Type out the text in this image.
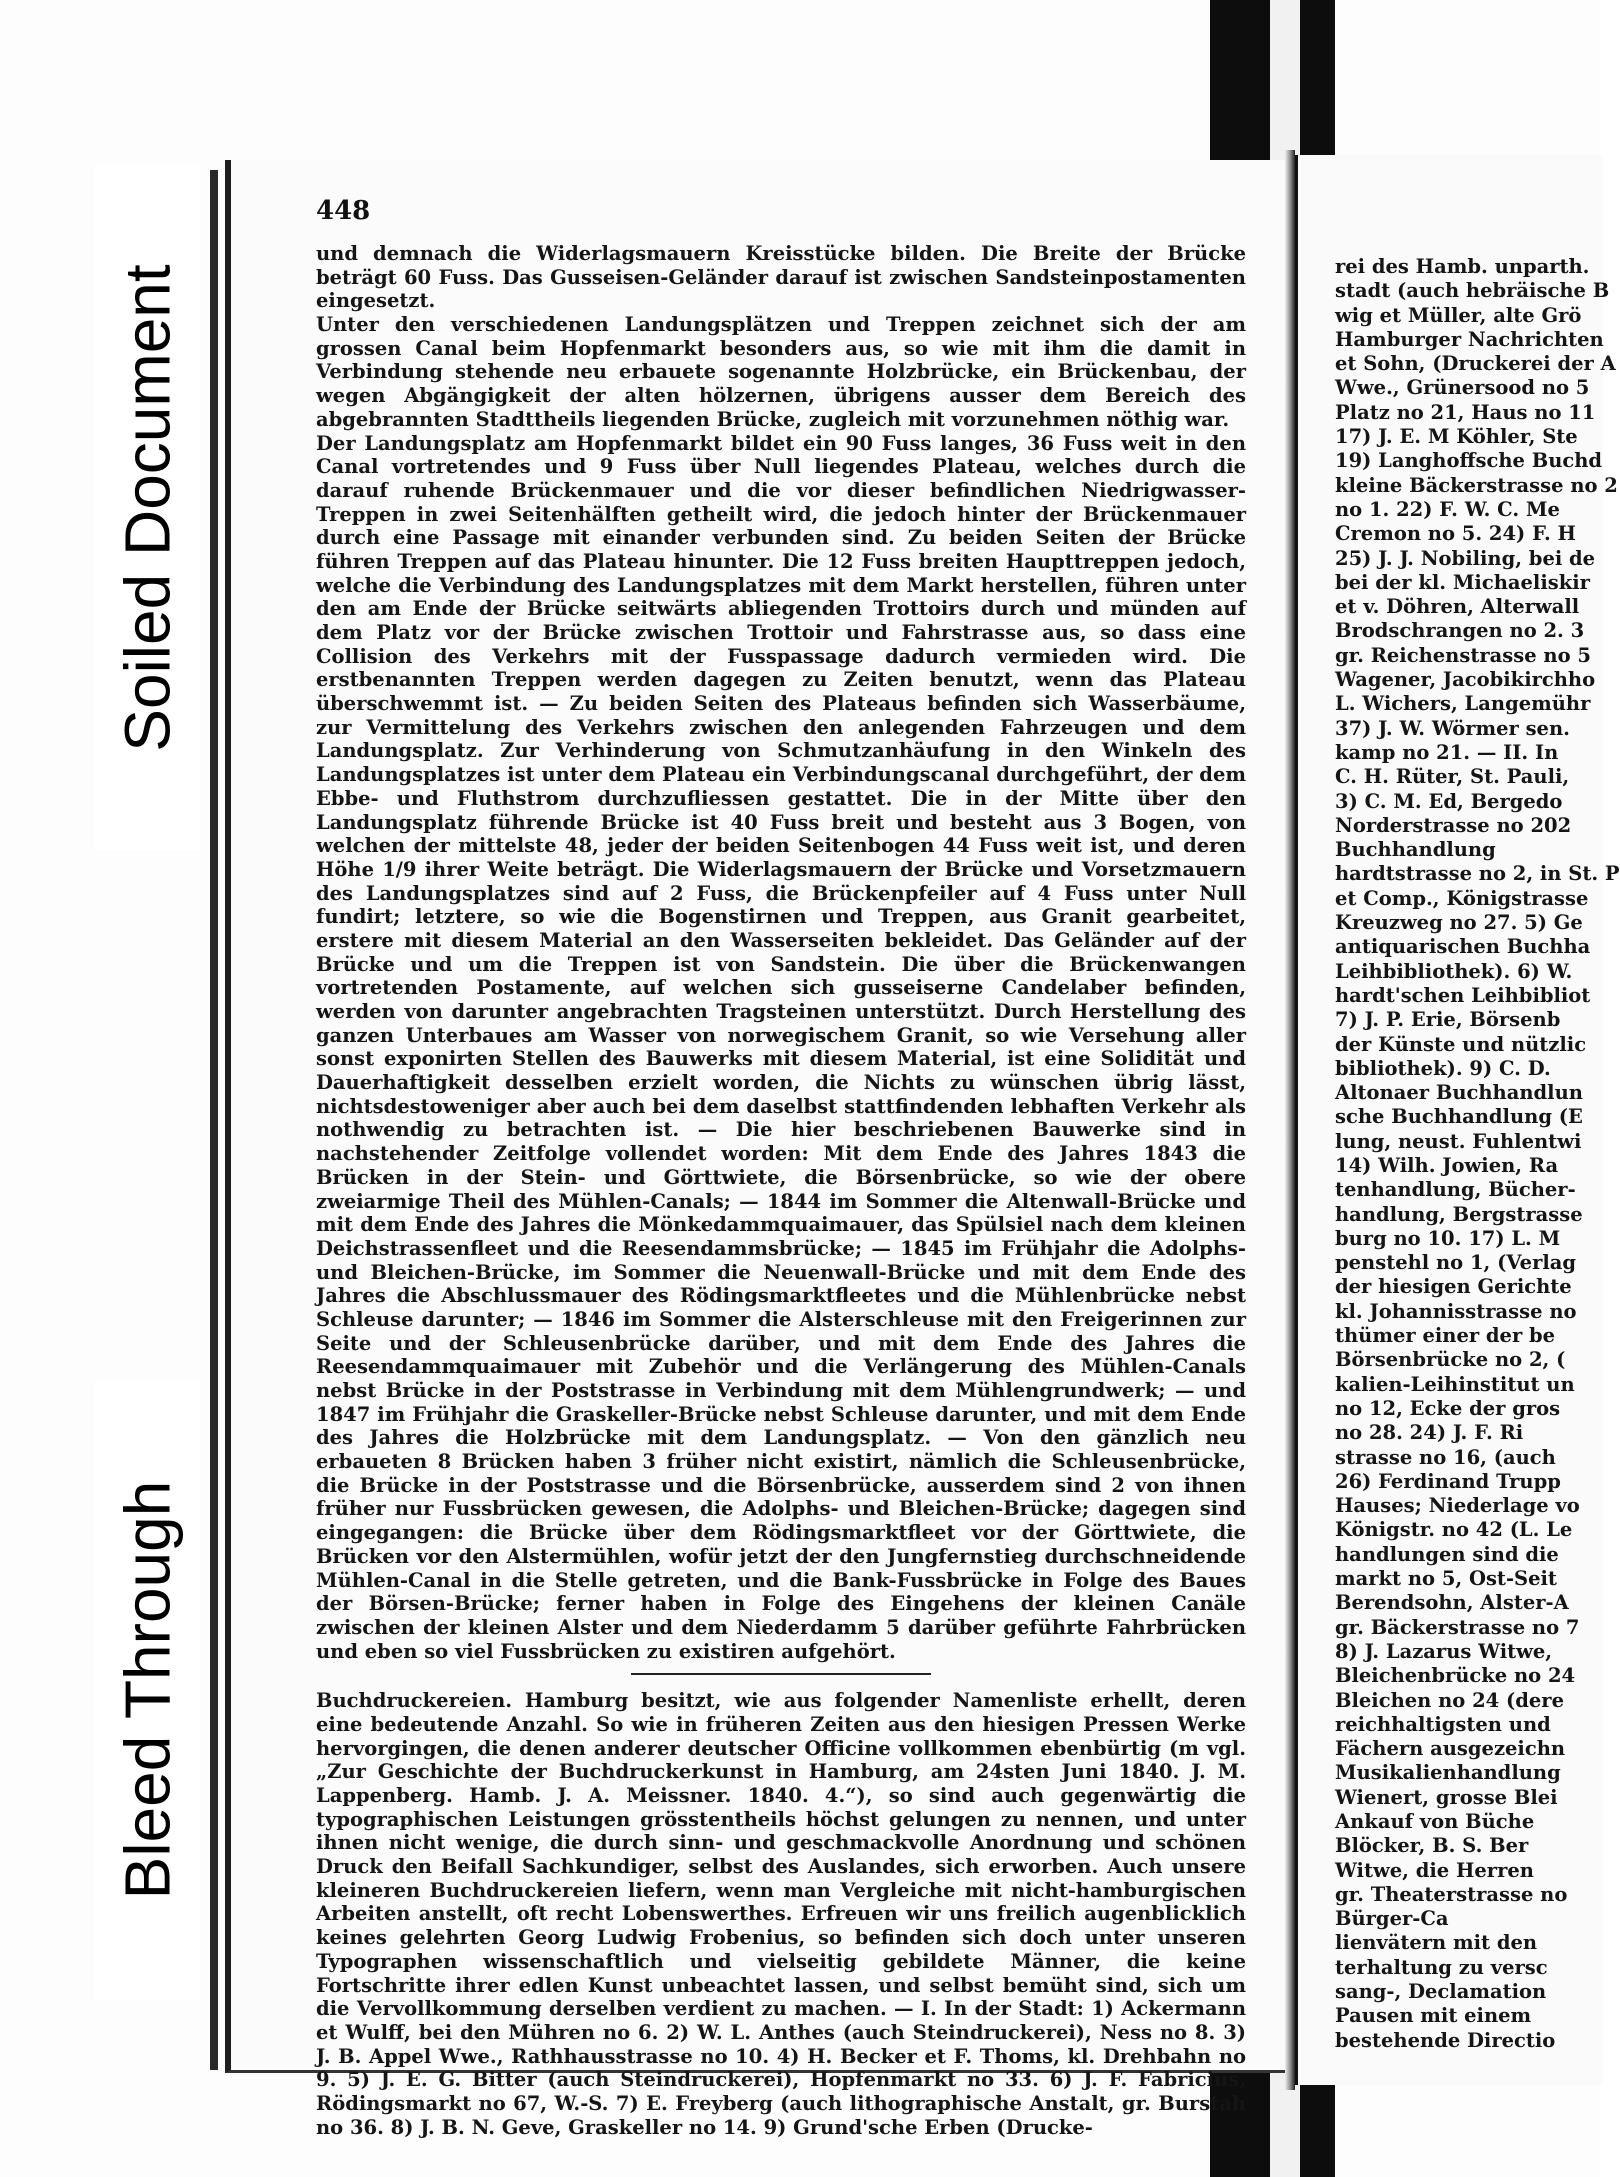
Soiled Document
Bleed Through
448

und demnach die Widerlagsmauern Kreisstücke bilden. Die Breite der Brücke beträgt 60 Fuss. Das Gusseisen-Geländer darauf ist zwischen Sandsteinpostamenten eingesetzt.

Unter den verschiedenen Landungsplätzen und Treppen zeichnet sich der am grossen Canal beim Hopfenmarkt besonders aus, so wie mit ihm die damit in Verbindung stehende neu erbauete sogenannte Holzbrücke, ein Brückenbau, der wegen Abgängigkeit der alten hölzernen, übrigens ausser dem Bereich des abgebrannten Stadttheils liegenden Brücke, zugleich mit vorzunehmen nöthig war.

Der Landungsplatz am Hopfenmarkt bildet ein 90 Fuss langes, 36 Fuss weit in den Canal vortretendes und 9 Fuss über Null liegendes Plateau, welches durch die darauf ruhende Brückenmauer und die vor dieser befindlichen Niedrigwasser-Treppen in zwei Seitenhälften getheilt wird, die jedoch hinter der Brückenmauer durch eine Passage mit einander verbunden sind. Zu beiden Seiten der Brücke führen Treppen auf das Plateau hinunter. Die 12 Fuss breiten Haupttreppen jedoch, welche die Verbindung des Landungsplatzes mit dem Markt herstellen, führen unter den am Ende der Brücke seitwärts abliegenden Trottoirs durch und münden auf dem Platz vor der Brücke zwischen Trottoir und Fahrstrasse aus, so dass eine Collision des Verkehrs mit der Fusspassage dadurch vermieden wird. Die erstbenannten Treppen werden dagegen zu Zeiten benutzt, wenn das Plateau überschwemmt ist. — Zu beiden Seiten des Plateaus befinden sich Wasserbäume, zur Vermittelung des Verkehrs zwischen den anlegenden Fahrzeugen und dem Landungsplatz. Zur Verhinderung von Schmutzanhäufung in den Winkeln des Landungsplatzes ist unter dem Plateau ein Verbindungscanal durchgeführt, der dem Ebbe- und Fluthstrom durchzufliessen gestattet. Die in der Mitte über den Landungsplatz führende Brücke ist 40 Fuss breit und besteht aus 3 Bogen, von welchen der mittelste 48, jeder der beiden Seitenbogen 44 Fuss weit ist, und deren Höhe 1/9 ihrer Weite beträgt. Die Widerlagsmauern der Brücke und Vorsetzmauern des Landungsplatzes sind auf 2 Fuss, die Brückenpfeiler auf 4 Fuss unter Null fundirt; letztere, so wie die Bogenstirnen und Treppen, aus Granit gearbeitet, erstere mit diesem Material an den Wasserseiten bekleidet. Das Geländer auf der Brücke und um die Treppen ist von Sandstein. Die über die Brückenwangen vortretenden Postamente, auf welchen sich gusseiserne Candelaber befinden, werden von darunter angebrachten Tragsteinen unterstützt. Durch Herstellung des ganzen Unterbaues am Wasser von norwegischem Granit, so wie Versehung aller sonst exponirten Stellen des Bauwerks mit diesem Material, ist eine Solidität und Dauerhaftigkeit desselben erzielt worden, die Nichts zu wünschen übrig lässt, nichtsdestoweniger aber auch bei dem daselbst stattfindenden lebhaften Verkehr als nothwendig zu betrachten ist. — Die hier beschriebenen Bauwerke sind in nachstehender Zeitfolge vollendet worden: Mit dem Ende des Jahres 1843 die Brücken in der Stein- und Görttwiete, die Börsenbrücke, so wie der obere zweiarmige Theil des Mühlen-Canals; — 1844 im Sommer die Altenwall-Brücke und mit dem Ende des Jahres die Mönkedammquaimauer, das Spülsiel nach dem kleinen Deichstrassenfleet und die Reesendammsbrücke; — 1845 im Frühjahr die Adolphs- und Bleichen-Brücke, im Sommer die Neuenwall-Brücke und mit dem Ende des Jahres die Abschlussmauer des Rödingsmarktfleetes und die Mühlenbrücke nebst Schleuse darunter; — 1846 im Sommer die Alsterschleuse mit den Freigerinnen zur Seite und der Schleusenbrücke darüber, und mit dem Ende des Jahres die Reesendammquaimauer mit Zubehör und die Verlängerung des Mühlen-Canals nebst Brücke in der Poststrasse in Verbindung mit dem Mühlengrundwerk; — und 1847 im Frühjahr die Graskeller-Brücke nebst Schleuse darunter, und mit dem Ende des Jahres die Holzbrücke mit dem Landungsplatz. — Von den gänzlich neu erbaueten 8 Brücken haben 3 früher nicht existirt, nämlich die Schleusenbrücke, die Brücke in der Poststrasse und die Börsenbrücke, ausserdem sind 2 von ihnen früher nur Fussbrücken gewesen, die Adolphs- und Bleichen-Brücke; dagegen sind eingegangen: die Brücke über dem Rödingsmarktfleet vor der Görttwiete, die Brücken vor den Alstermühlen, wofür jetzt der den Jungfernstieg durchschneidende Mühlen-Canal in die Stelle getreten, und die Bank-Fussbrücke in Folge des Baues der Börsen-Brücke; ferner haben in Folge des Eingehens der kleinen Canäle zwischen der kleinen Alster und dem Niederdamm 5 darüber geführte Fahrbrücken und eben so viel Fussbrücken zu existiren aufgehört.

Buchdruckereien. Hamburg besitzt, wie aus folgender Namenliste erhellt, deren eine bedeutende Anzahl. So wie in früheren Zeiten aus den hiesigen Pressen Werke hervorgingen, die denen anderer deutscher Officine vollkommen ebenbürtig (m vgl. „Zur Geschichte der Buchdruckerkunst in Hamburg, am 24sten Juni 1840. J. M. Lappenberg. Hamb. J. A. Meissner. 1840. 4.“), so sind auch gegenwärtig die typographischen Leistungen grösstentheils höchst gelungen zu nennen, und unter ihnen nicht wenige, die durch sinn- und geschmackvolle Anordnung und schönen Druck den Beifall Sachkundiger, selbst des Auslandes, sich erworben. Auch unsere kleineren Buchdruckereien liefern, wenn man Vergleiche mit nicht-hamburgischen Arbeiten anstellt, oft recht Lobenswerthes. Erfreuen wir uns freilich augenblicklich keines gelehrten Georg Ludwig Frobenius, so befinden sich doch unter unseren Typographen wissenschaftlich und vielseitig gebildete Männer, die keine Fortschritte ihrer edlen Kunst unbeachtet lassen, und selbst bemüht sind, sich um die Vervollkommung derselben verdient zu machen. — I. In der Stadt: 1) Ackermann et Wulff, bei den Mühren no 6. 2) W. L. Anthes (auch Steindruckerei), Ness no 8. 3) J. B. Appel Wwe., Rathhausstrasse no 10. 4) H. Becker et F. Thoms, kl. Drehbahn no 9. 5) J. E. G. Bitter (auch Steindruckerei), Hopfenmarkt no 33. 6) J. F. Fabricius, Rödingsmarkt no 67, W.-S. 7) E. Freyberg (auch lithographische Anstalt, gr. Burstah no 36. 8) J. B. N. Geve, Graskeller no 14. 9) Grund'sche Erben (Drucke-

rei des Hamb. unparth.
stadt (auch hebräische B
wig et Müller, alte Grö
Hamburger Nachrichten
et Sohn, (Druckerei der A
Wwe., Grünersood no 5
Platz no 21, Haus no 11
17) J. E. M Köhler, Ste
19) Langhoffsche Buchd
kleine Bäckerstrasse no 2
no 1. 22) F. W. C. Me
Cremon no 5. 24) F. H
25) J. J. Nobiling, bei de
bei der kl. Michaeliskir
et v. Döhren, Alterwall
Brodschrangen no 2. 3
gr. Reichenstrasse no 5
Wagener, Jacobikirchho
L. Wichers, Langemühr
37) J. W. Wörmer sen.
kamp no 21. — II. In
C. H. Rüter, St. Pauli,
3) C. M. Ed, Bergedo
Norderstrasse no 202
Buchhandlung
hardtstrasse no 2, in St. P
et Comp., Königstrasse
Kreuzweg no 27. 5) Ge
antiquarischen Buchha
Leihbibliothek). 6) W.
hardt'schen Leihbibliot
7) J. P. Erie, Börsenb
der Künste und nützlic
bibliothek). 9) C. D.
Altonaer Buchhandlun
sche Buchhandlung (E
lung, neust. Fuhlentwi
14) Wilh. Jowien, Ra
tenhandlung, Bücher-
handlung, Bergstrasse
burg no 10. 17) L. M
penstehl no 1, (Verlag
der hiesigen Gerichte
kl. Johannisstrasse no
thümer einer der be
Börsenbrücke no 2, (
kalien-Leihinstitut un
no 12, Ecke der gros
no 28. 24) J. F. Ri
strasse no 16, (auch
26) Ferdinand Trupp
Hauses; Niederlage vo
Königstr. no 42 (L. Le
handlungen sind die
markt no 5, Ost-Seit
Berendsohn, Alster-A
gr. Bäckerstrasse no 7
8) J. Lazarus Witwe,
Bleichenbrücke no 24
Bleichen no 24 (dere
reichhaltigsten und
Fächern ausgezeichn
Musikalienhandlung
Wienert, grosse Blei
Ankauf von Büche
Blöcker, B. S. Ber
Witwe, die Herren
gr. Theaterstrasse no
Bürger-Ca
lienvätern mit den
terhaltung zu versc
sang-, Declamation
Pausen mit einem
bestehende Directio
